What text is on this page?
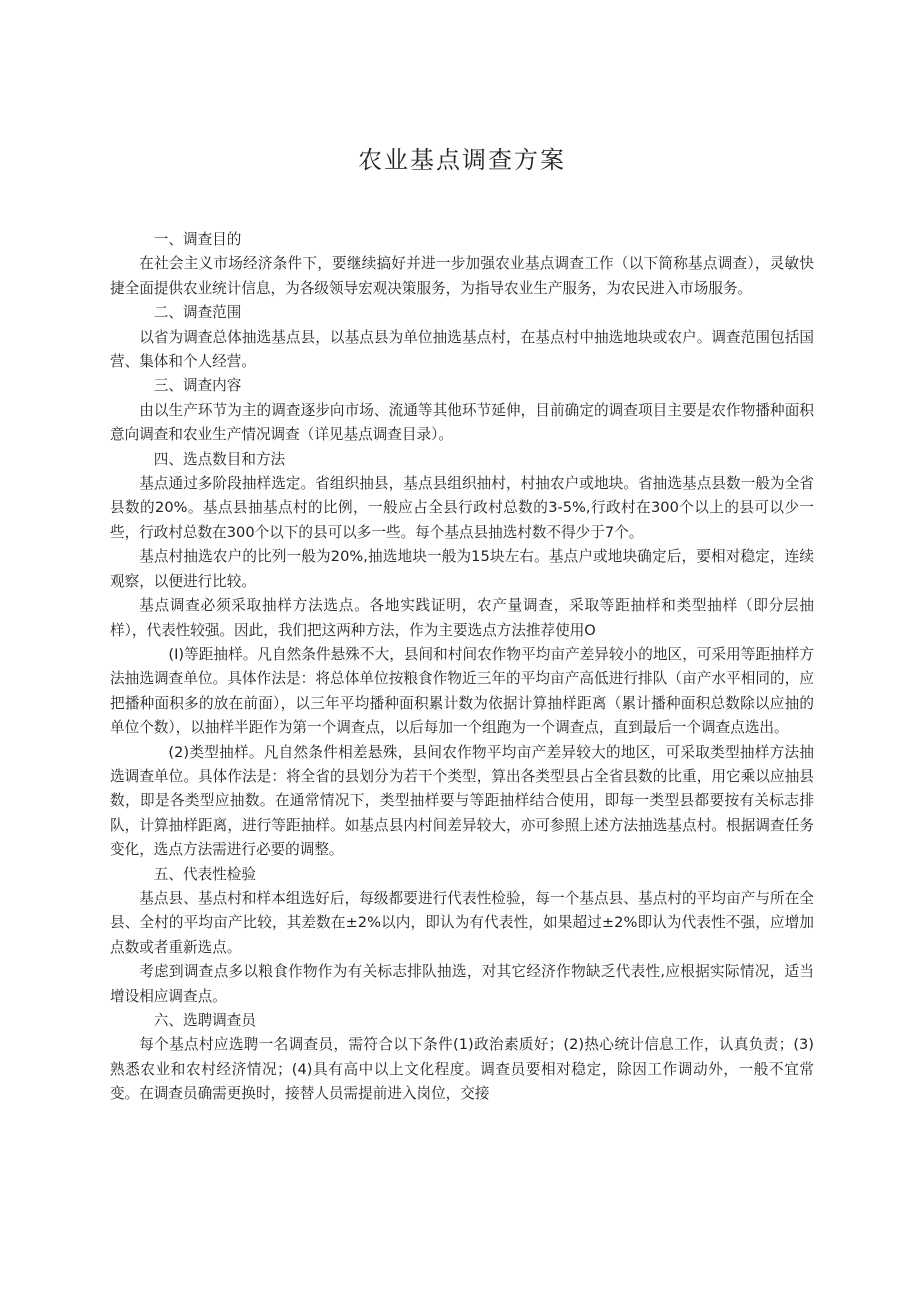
农业基点调查方案

一、调查目的

在社会主义市场经济条件下，要继续搞好并进一步加强农业基点调查工作（以下简称基点调查），灵敏快捷全面提供农业统计信息，为各级领导宏观决策服务，为指导农业生产服务，为农民进入市场服务。

二、调查范围

以省为调查总体抽选基点县，以基点县为单位抽选基点村，在基点村中抽选地块或农户。调查范围包括国营、集体和个人经营。

三、调查内容

由以生产环节为主的调查逐步向市场、流通等其他环节延伸，目前确定的调查项目主要是农作物播种面积意向调查和农业生产情况调查（详见基点调查目录）。

四、选点数目和方法

基点通过多阶段抽样选定。省组织抽县，基点县组织抽村，村抽农户或地块。省抽选基点县数一般为全省县数的20%。基点县抽基点村的比例，一般应占全县行政村总数的3-5%,行政村在300个以上的县可以少一些，行政村总数在300个以下的县可以多一些。每个基点县抽选村数不得少于7个。

基点村抽选农户的比列一般为20%,抽选地块一般为15块左右。基点户或地块确定后，要相对稳定，连续观察，以便进行比较。

基点调查必须采取抽样方法选点。各地实践证明，农产量调查，采取等距抽样和类型抽样（即分层抽样），代表性较强。因此，我们把这两种方法，作为主要选点方法推荐使用O

(I)等距抽样。凡自然条件悬殊不大，县间和村间农作物平均亩产差异较小的地区，可采用等距抽样方法抽选调查单位。具体作法是：将总体单位按粮食作物近三年的平均亩产高低进行排队（亩产水平相同的，应把播种面积多的放在前面），以三年平均播种面积累计数为依据计算抽样距离（累计播种面积总数除以应抽的单位个数），以抽样半距作为第一个调查点，以后每加一个组跑为一个调查点，直到最后一个调查点选出。

(2)类型抽样。凡自然条件相差悬殊，县间农作物平均亩产差异较大的地区，可采取类型抽样方法抽选调查单位。具体作法是：将全省的县划分为若干个类型，算出各类型县占全省县数的比重，用它乘以应抽县数，即是各类型应抽数。在通常情况下，类型抽样要与等距抽样结合使用，即每一类型县都要按有关标志排队，计算抽样距离，进行等距抽样。如基点县内村间差异较大，亦可参照上述方法抽选基点村。根据调查任务变化，选点方法需进行必要的调整。

五、代表性检验

基点县、基点村和样本组选好后，每级都要进行代表性检验，每一个基点县、基点村的平均亩产与所在全县、全村的平均亩产比较，其差数在±2%以内，即认为有代表性，如果超过±2%即认为代表性不强，应增加点数或者重新选点。

考虑到调查点多以粮食作物作为有关标志排队抽选，对其它经济作物缺乏代表性,应根据实际情况，适当增设相应调查点。

六、选聘调查员

每个基点村应选聘一名调查员，需符合以下条件(1)政治素质好；(2)热心统计信息工作，认真负责；(3)熟悉农业和农村经济情况；(4)具有高中以上文化程度。调查员要相对稳定，除因工作调动外，一般不宜常变。在调查员确需更换时，接替人员需提前进入岗位，交接
